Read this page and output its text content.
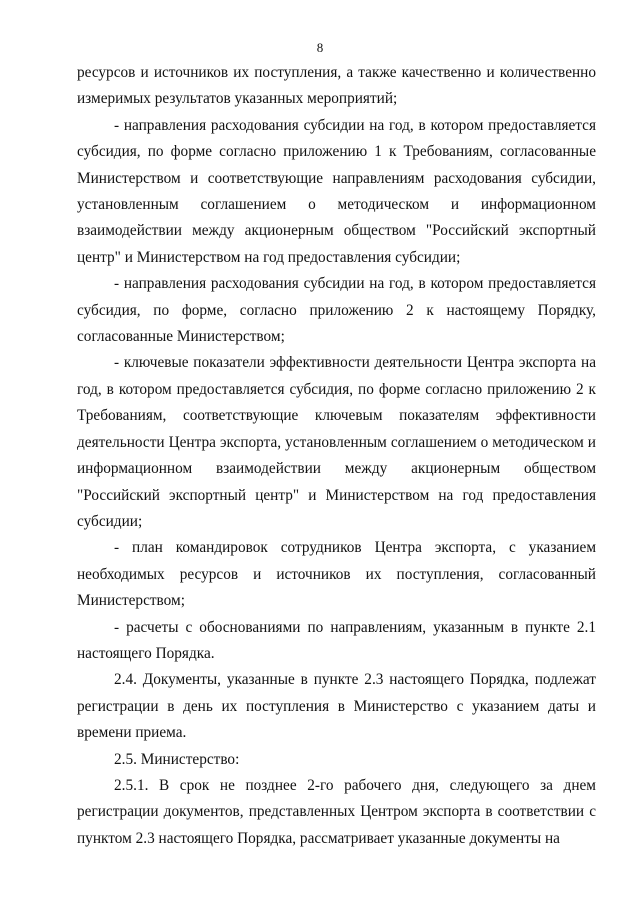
8

ресурсов и источников их поступления, а также качественно и количественно измеримых результатов указанных мероприятий;

- направления расходования субсидии на год, в котором предоставляется субсидия, по форме согласно приложению 1 к Требованиям, согласованные Министерством и соответствующие направлениям расходования субсидии, установленным соглашением о методическом и информационном взаимодействии между акционерным обществом "Российский экспортный центр" и Министерством на год предоставления субсидии;

- направления расходования субсидии на год, в котором предоставляется субсидия, по форме, согласно приложению 2 к настоящему Порядку, согласованные Министерством;

- ключевые показатели эффективности деятельности Центра экспорта на год, в котором предоставляется субсидия, по форме согласно приложению 2 к Требованиям, соответствующие ключевым показателям эффективности деятельности Центра экспорта, установленным соглашением о методическом и информационном взаимодействии между акционерным обществом "Российский экспортный центр" и Министерством на год предоставления субсидии;

- план командировок сотрудников Центра экспорта, с указанием необходимых ресурсов и источников их поступления, согласованный Министерством;

- расчеты с обоснованиями по направлениям, указанным в пункте 2.1 настоящего Порядка.

2.4. Документы, указанные в пункте 2.3 настоящего Порядка, подлежат регистрации в день их поступления в Министерство с указанием даты и времени приема.

2.5. Министерство:

2.5.1. В срок не позднее 2-го рабочего дня, следующего за днем регистрации документов, представленных Центром экспорта в соответствии с пунктом 2.3 настоящего Порядка, рассматривает указанные документы на
